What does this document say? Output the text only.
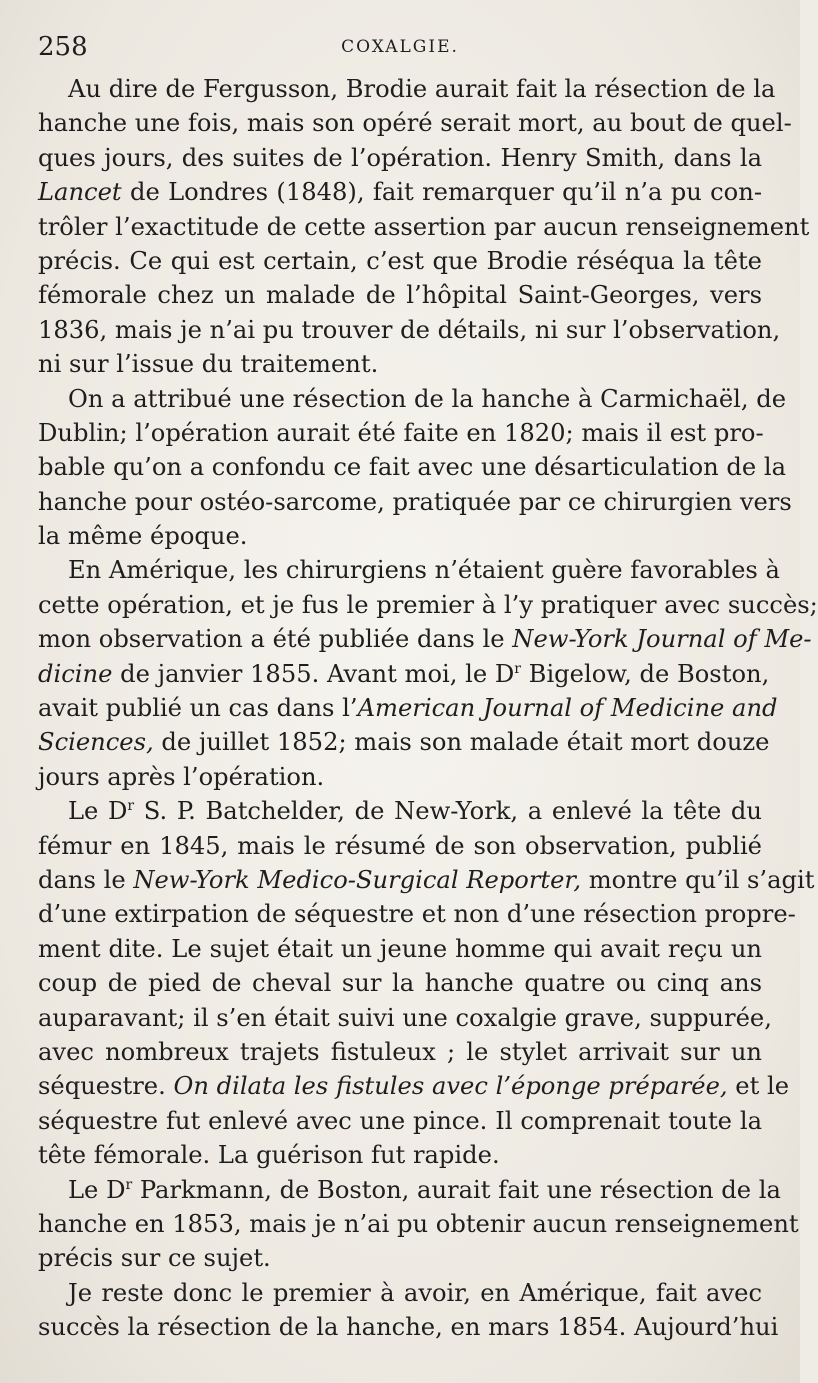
258	COXALGIE.
Au dire de Fergusson, Brodie aurait fait la résection de la
hanche une fois, mais son opéré serait mort, au bout de quel-
ques jours, des suites de l’opération. Henry Smith, dans la
Lancet de Londres (1848), fait remarquer qu’il n’a pu con-
trôler l’exactitude de cette assertion par aucun renseignement
précis. Ce qui est certain, c’est que Brodie réséqua la tête
fémorale chez un malade de l’hôpital Saint-Georges, vers
1836, mais je n’ai pu trouver de détails, ni sur l’observation,
ni sur l’issue du traitement.
On a attribué une résection de la hanche à Carmichaël, de
Dublin; l’opération aurait été faite en 1820; mais il est pro-
bable qu’on a confondu ce fait avec une désarticulation de la
hanche pour ostéo-sarcome, pratiquée par ce chirurgien vers
la même époque.
En Amérique, les chirurgiens n’étaient guère favorables à
cette opération, et je fus le premier à l’y pratiquer avec succès;
mon observation a été publiée dans le New-York Journal of Me-
dicine de janvier 1855. Avant moi, le $D^r$ Bigelow, de Boston,
avait publié un cas dans l’American Journal of Medicine and
Sciences, de juillet 1852; mais son malade était mort douze
jours après l’opération.
Le $D^r$ S. P. Batchelder, de New-York, a enlevé la tête du
fémur en 1845, mais le résumé de son observation, publié
dans le New-York Medico-Surgical Reporter, montre qu’il s’agit
d’une extirpation de séquestre et non d’une résection propre-
ment dite. Le sujet était un jeune homme qui avait reçu un
coup de pied de cheval sur la hanche quatre ou cinq ans
auparavant; il s’en était suivi une coxalgie grave, suppurée,
avec nombreux trajets fistuleux ; le stylet arrivait sur un
séquestre. On dilata les fistules avec l’éponge préparée, et le
séquestre fut enlevé avec une pince. Il comprenait toute la
tête fémorale. La guérison fut rapide.
Le $D^r$ Parkmann, de Boston, aurait fait une résection de la
hanche en 1853, mais je n’ai pu obtenir aucun renseignement
précis sur ce sujet.
Je reste donc le premier à avoir, en Amérique, fait avec
succès la résection de la hanche, en mars 1854. Aujourd’hui
